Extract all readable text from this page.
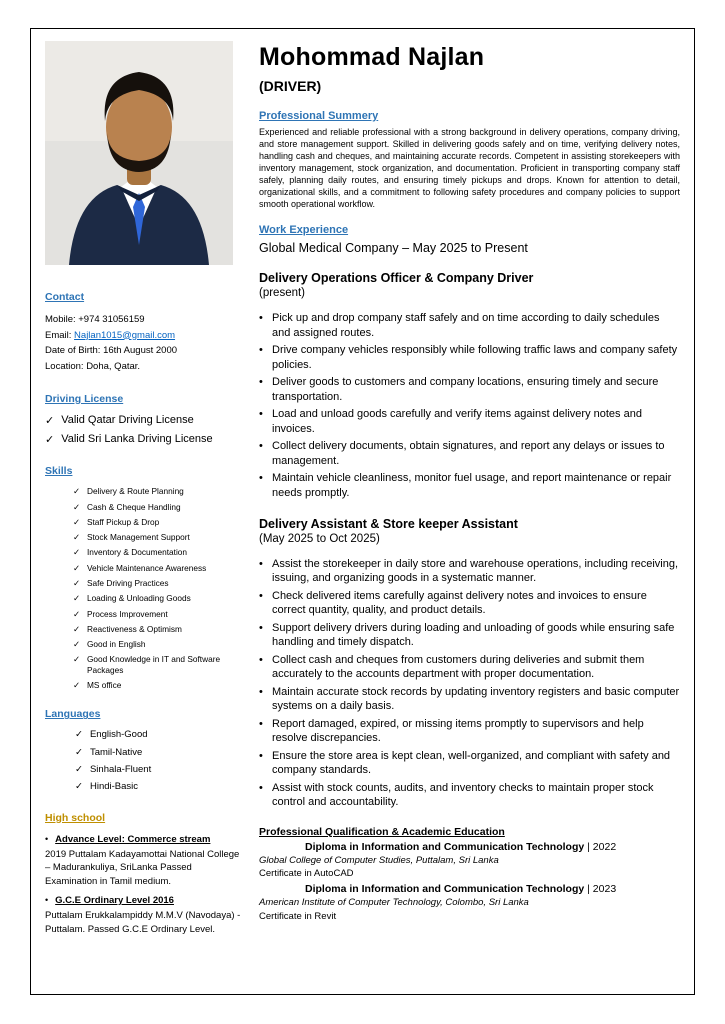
Contact
Mobile: +974 31056159
Email: Najlan1015@gmail.com
Date of Birth: 16th August 2000
Location: Doha, Qatar.
Driving License
✓ Valid Qatar Driving License
✓ Valid Sri Lanka Driving License
Skills
✓ Delivery & Route Planning
✓ Cash & Cheque Handling
✓ Staff Pickup & Drop
✓ Stock Management Support
✓ Inventory & Documentation
✓ Vehicle Maintenance Awareness
✓ Safe Driving Practices
✓ Loading & Unloading Goods
✓ Process Improvement
✓ Reactiveness & Optimism
✓ Good in English
✓ Good Knowledge in IT and Software Packages
✓ MS office
Languages
✓ English-Good
✓ Tamil-Native
✓ Sinhala-Fluent
✓ Hindi-Basic
High school
• Advance Level: Commerce stream
2019 Puttalam Kadayamottai National College – Madurankuliya, SriLanka Passed Examination in Tamil medium.
• G.C.E Ordinary Level 2016
Puttalam Erukkalampiddy M.M.V (Navodaya) - Puttalam. Passed G.C.E Ordinary Level.
Mohommad Najlan
(DRIVER)
Professional Summery
Experienced and reliable professional with a strong background in delivery operations, company driving, and store management support. Skilled in delivering goods safely and on time, verifying delivery notes, handling cash and cheques, and maintaining accurate records. Competent in assisting storekeepers with inventory management, stock organization, and documentation. Proficient in transporting company staff safely, planning daily routes, and ensuring timely pickups and drops. Known for attention to detail, organizational skills, and a commitment to following safety procedures and company policies to support smooth operational workflow.
Work Experience
Global Medical Company – May 2025 to Present
Delivery Operations Officer & Company Driver
(present)
• Pick up and drop company staff safely and on time according to daily schedules and assigned routes.
• Drive company vehicles responsibly while following traffic laws and company safety policies.
• Deliver goods to customers and company locations, ensuring timely and secure transportation.
• Load and unload goods carefully and verify items against delivery notes and invoices.
• Collect delivery documents, obtain signatures, and report any delays or issues to management.
• Maintain vehicle cleanliness, monitor fuel usage, and report maintenance or repair needs promptly.
Delivery Assistant & Store keeper Assistant
(May 2025 to Oct 2025)
• Assist the storekeeper in daily store and warehouse operations, including receiving, issuing, and organizing goods in a systematic manner.
• Check delivered items carefully against delivery notes and invoices to ensure correct quantity, quality, and product details.
• Support delivery drivers during loading and unloading of goods while ensuring safe handling and timely dispatch.
• Collect cash and cheques from customers during deliveries and submit them accurately to the accounts department with proper documentation.
• Maintain accurate stock records by updating inventory registers and basic computer systems on a daily basis.
• Report damaged, expired, or missing items promptly to supervisors and help resolve discrepancies.
• Ensure the store area is kept clean, well-organized, and compliant with safety and company standards.
• Assist with stock counts, audits, and inventory checks to maintain proper stock control and accountability.
Professional Qualification & Academic Education
Diploma in Information and Communication Technology | 2022
Global College of Computer Studies, Puttalam, Sri Lanka
Certificate in AutoCAD
Diploma in Information and Communication Technology | 2023
American Institute of Computer Technology, Colombo, Sri Lanka
Certificate in Revit
